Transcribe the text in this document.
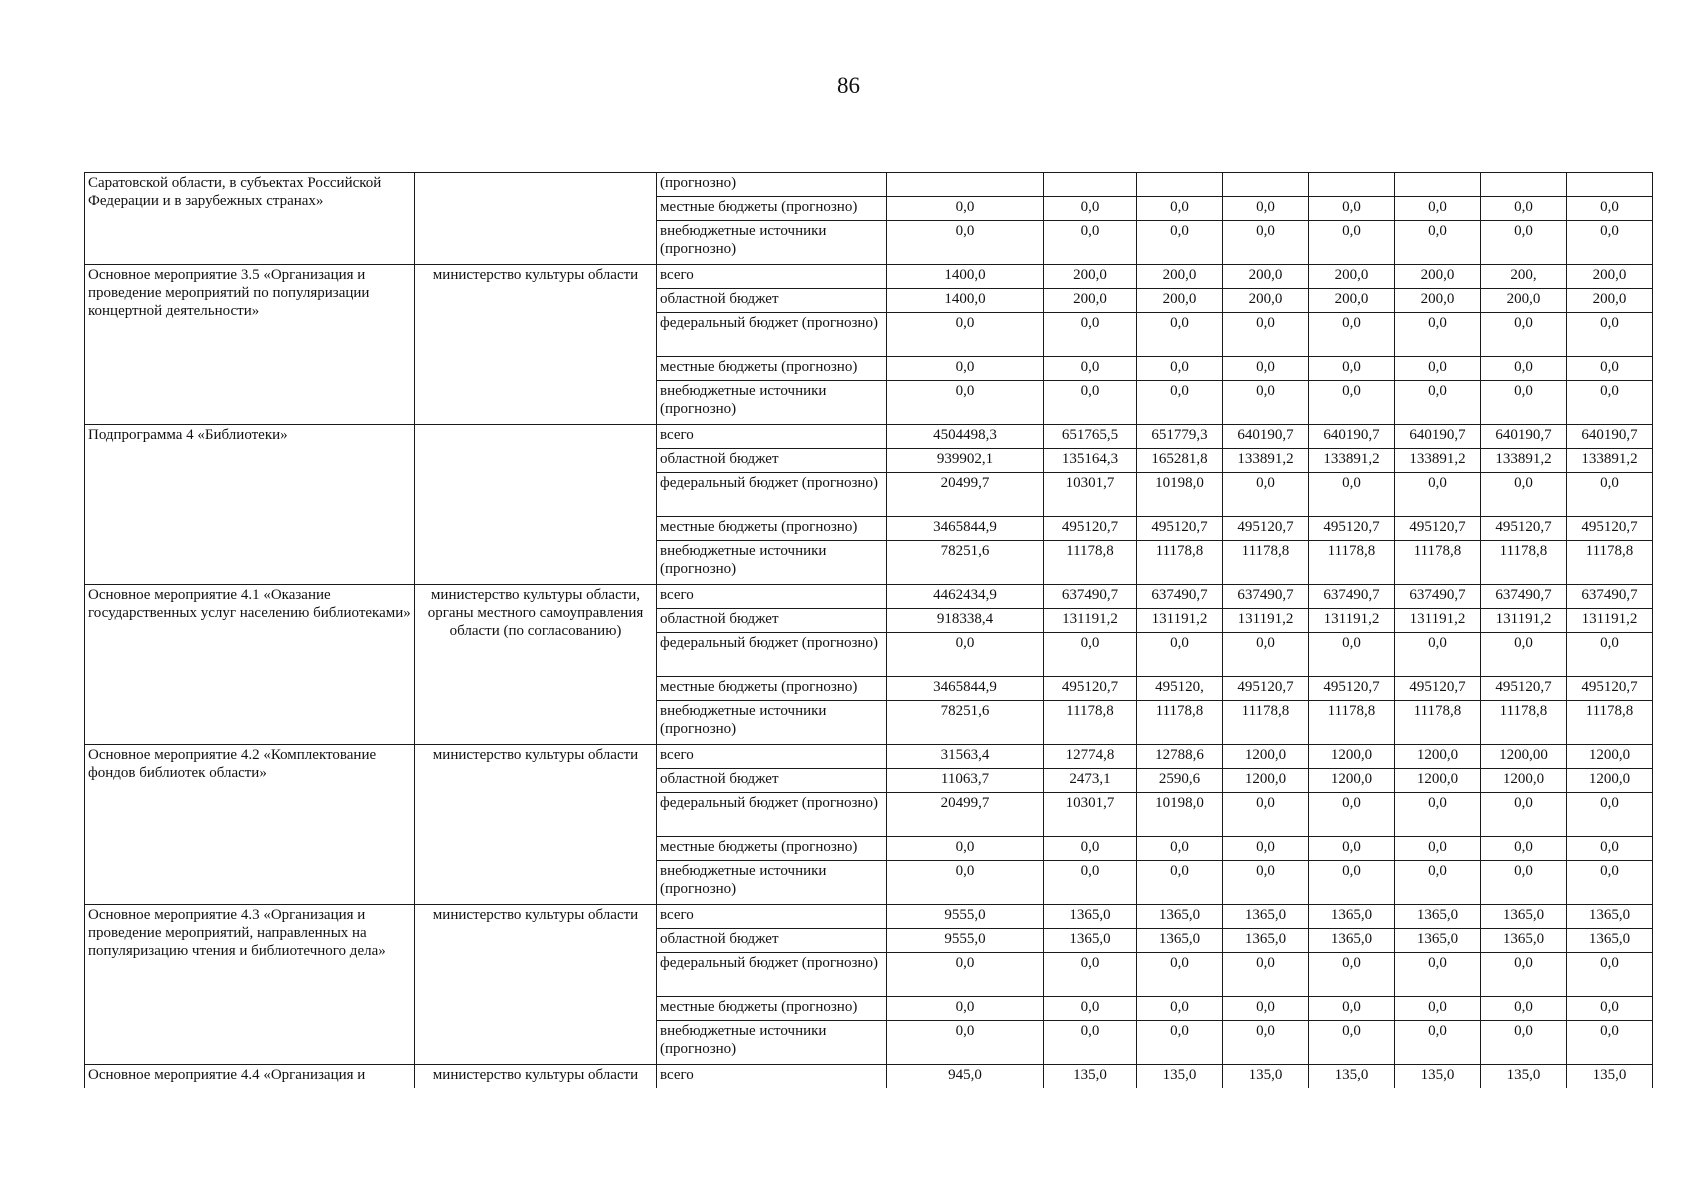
86
Саратовской области, в субъектах Российской Федерации и в зарубежных странах»		(прогнозно)								
		местные бюджеты (прогнозно)	0,0	0,0	0,0	0,0	0,0	0,0	0,0	0,0
		внебюджетные источники (прогнозно)	0,0	0,0	0,0	0,0	0,0	0,0	0,0	0,0
Основное мероприятие 3.5 «Организация и проведение мероприятий по популяризации концертной деятельности»	министерство культуры области	всего	1400,0	200,0	200,0	200,0	200,0	200,0	200,	200,0
		областной бюджет	1400,0	200,0	200,0	200,0	200,0	200,0	200,0	200,0
		федеральный бюджет (прогнозно)	0,0	0,0	0,0	0,0	0,0	0,0	0,0	0,0
		местные бюджеты (прогнозно)	0,0	0,0	0,0	0,0	0,0	0,0	0,0	0,0
		внебюджетные источники (прогнозно)	0,0	0,0	0,0	0,0	0,0	0,0	0,0	0,0
Подпрограмма 4 «Библиотеки»		всего	4504498,3	651765,5	651779,3	640190,7	640190,7	640190,7	640190,7	640190,7
		областной бюджет	939902,1	135164,3	165281,8	133891,2	133891,2	133891,2	133891,2	133891,2
		федеральный бюджет (прогнозно)	20499,7	10301,7	10198,0	0,0	0,0	0,0	0,0	0,0
		местные бюджеты (прогнозно)	3465844,9	495120,7	495120,7	495120,7	495120,7	495120,7	495120,7	495120,7
		внебюджетные источники (прогнозно)	78251,6	11178,8	11178,8	11178,8	11178,8	11178,8	11178,8	11178,8
Основное мероприятие 4.1 «Оказание государственных услуг населению библиотеками»	министерство культуры области, органы местного самоуправления области (по согласованию)	всего	4462434,9	637490,7	637490,7	637490,7	637490,7	637490,7	637490,7	637490,7
		областной бюджет	918338,4	131191,2	131191,2	131191,2	131191,2	131191,2	131191,2	131191,2
		федеральный бюджет (прогнозно)	0,0	0,0	0,0	0,0	0,0	0,0	0,0	0,0
		местные бюджеты (прогнозно)	3465844,9	495120,7	495120,	495120,7	495120,7	495120,7	495120,7	495120,7
		внебюджетные источники (прогнозно)	78251,6	11178,8	11178,8	11178,8	11178,8	11178,8	11178,8	11178,8
Основное мероприятие 4.2 «Комплектование фондов библиотек области»	министерство культуры области	всего	31563,4	12774,8	12788,6	1200,0	1200,0	1200,0	1200,00	1200,0
		областной бюджет	11063,7	2473,1	2590,6	1200,0	1200,0	1200,0	1200,0	1200,0
		федеральный бюджет (прогнозно)	20499,7	10301,7	10198,0	0,0	0,0	0,0	0,0	0,0
		местные бюджеты (прогнозно)	0,0	0,0	0,0	0,0	0,0	0,0	0,0	0,0
		внебюджетные источники (прогнозно)	0,0	0,0	0,0	0,0	0,0	0,0	0,0	0,0
Основное мероприятие 4.3 «Организация и проведение мероприятий, направленных на популяризацию чтения и библиотечного дела»	министерство культуры области	всего	9555,0	1365,0	1365,0	1365,0	1365,0	1365,0	1365,0	1365,0
		областной бюджет	9555,0	1365,0	1365,0	1365,0	1365,0	1365,0	1365,0	1365,0
		федеральный бюджет (прогнозно)	0,0	0,0	0,0	0,0	0,0	0,0	0,0	0,0
		местные бюджеты (прогнозно)	0,0	0,0	0,0	0,0	0,0	0,0	0,0	0,0
		внебюджетные источники (прогнозно)	0,0	0,0	0,0	0,0	0,0	0,0	0,0	0,0
Основное мероприятие 4.4 «Организация и	министерство культуры области	всего	945,0	135,0	135,0	135,0	135,0	135,0	135,0	135,0
